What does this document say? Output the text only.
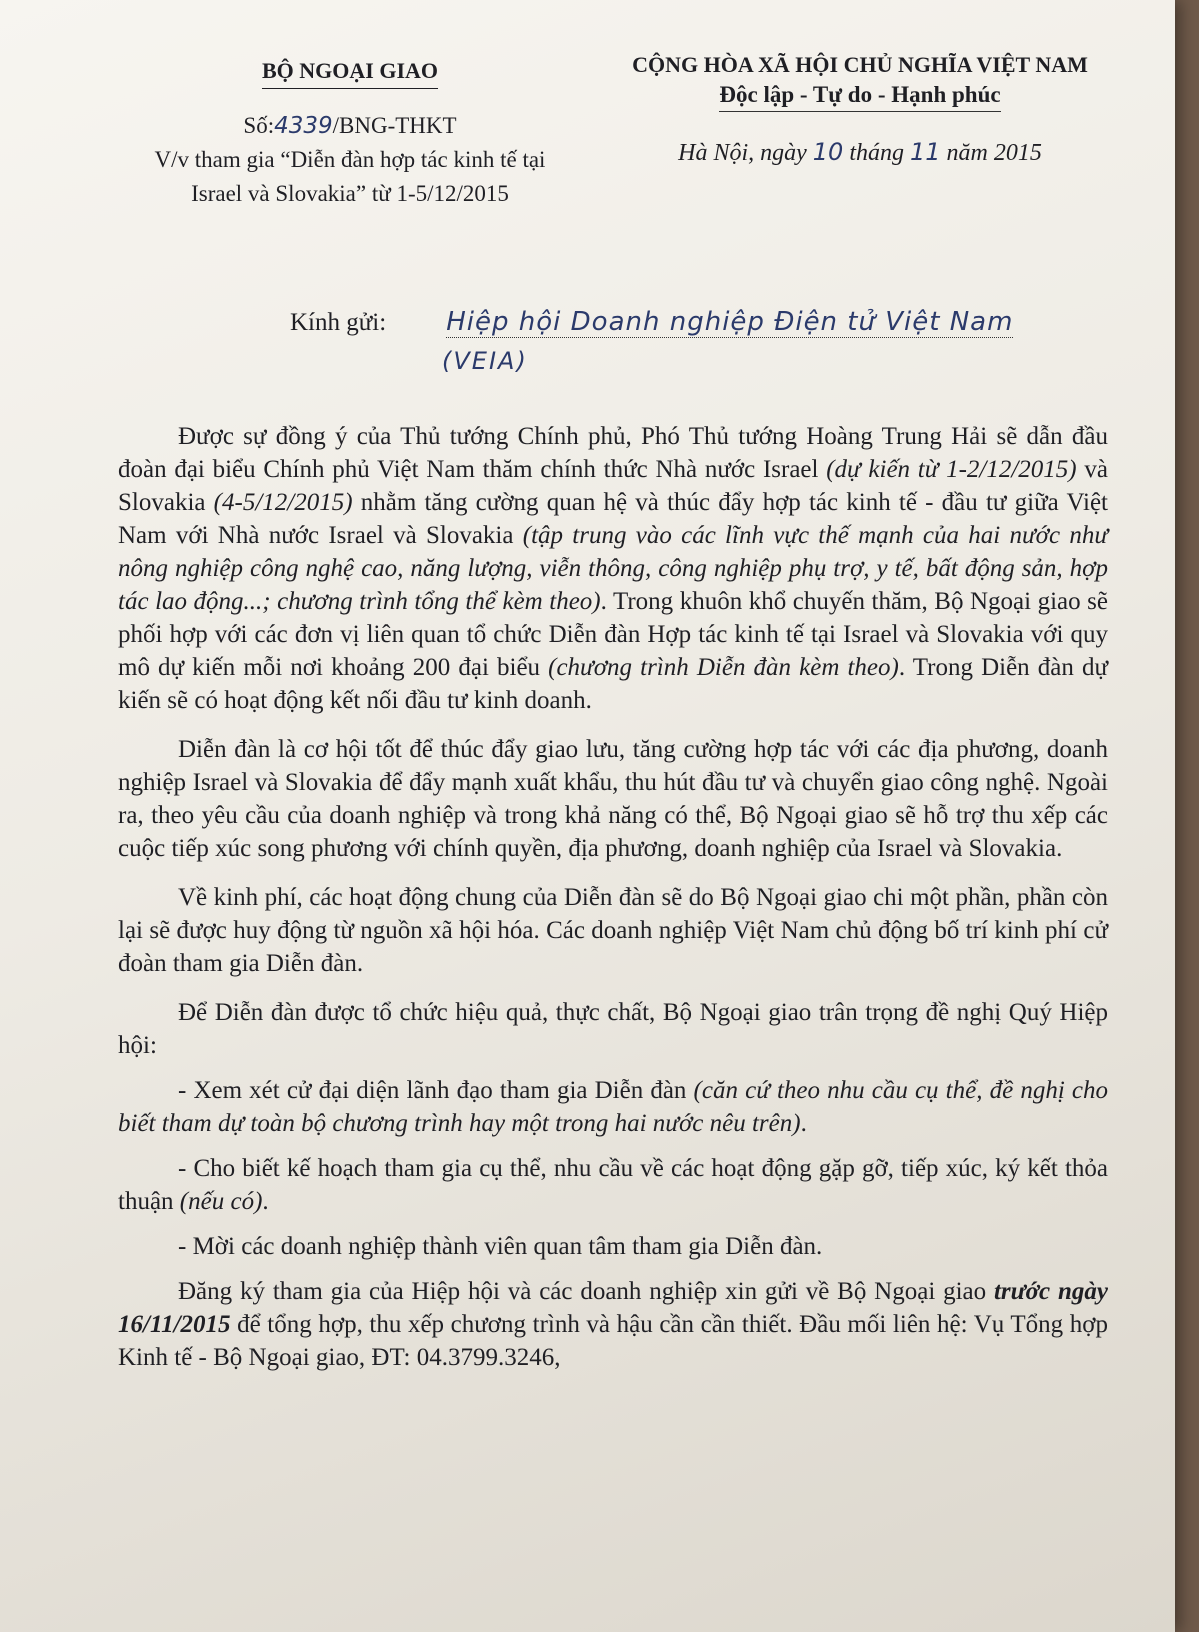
BỘ NGOẠI GIAO
Số:4339/BNG-THKT
V/v tham gia “Diễn đàn hợp tác kinh tế tại
Israel và Slovakia” từ 1-5/12/2015
CỘNG HÒA XÃ HỘI CHỦ NGHĨA VIỆT NAM
Độc lập - Tự do - Hạnh phúc
Hà Nội, ngày 10 tháng 11 năm 2015
Kính gửi: Hiệp hội Doanh nghiệp Điện tử Việt Nam
(VEIA)

Được sự đồng ý của Thủ tướng Chính phủ, Phó Thủ tướng Hoàng Trung Hải sẽ dẫn đầu đoàn đại biểu Chính phủ Việt Nam thăm chính thức Nhà nước Israel (dự kiến từ 1-2/12/2015) và Slovakia (4-5/12/2015) nhằm tăng cường quan hệ và thúc đẩy hợp tác kinh tế - đầu tư giữa Việt Nam với Nhà nước Israel và Slovakia (tập trung vào các lĩnh vực thế mạnh của hai nước như nông nghiệp công nghệ cao, năng lượng, viễn thông, công nghiệp phụ trợ, y tế, bất động sản, hợp tác lao động...; chương trình tổng thể kèm theo). Trong khuôn khổ chuyến thăm, Bộ Ngoại giao sẽ phối hợp với các đơn vị liên quan tổ chức Diễn đàn Hợp tác kinh tế tại Israel và Slovakia với quy mô dự kiến mỗi nơi khoảng 200 đại biểu (chương trình Diễn đàn kèm theo). Trong Diễn đàn dự kiến sẽ có hoạt động kết nối đầu tư kinh doanh.

Diễn đàn là cơ hội tốt để thúc đẩy giao lưu, tăng cường hợp tác với các địa phương, doanh nghiệp Israel và Slovakia để đẩy mạnh xuất khẩu, thu hút đầu tư và chuyển giao công nghệ. Ngoài ra, theo yêu cầu của doanh nghiệp và trong khả năng có thể, Bộ Ngoại giao sẽ hỗ trợ thu xếp các cuộc tiếp xúc song phương với chính quyền, địa phương, doanh nghiệp của Israel và Slovakia.

Về kinh phí, các hoạt động chung của Diễn đàn sẽ do Bộ Ngoại giao chi một phần, phần còn lại sẽ được huy động từ nguồn xã hội hóa. Các doanh nghiệp Việt Nam chủ động bố trí kinh phí cử đoàn tham gia Diễn đàn.

Để Diễn đàn được tổ chức hiệu quả, thực chất, Bộ Ngoại giao trân trọng đề nghị Quý Hiệp hội:

- Xem xét cử đại diện lãnh đạo tham gia Diễn đàn (căn cứ theo nhu cầu cụ thể, đề nghị cho biết tham dự toàn bộ chương trình hay một trong hai nước nêu trên).

- Cho biết kế hoạch tham gia cụ thể, nhu cầu về các hoạt động gặp gỡ, tiếp xúc, ký kết thỏa thuận (nếu có).

- Mời các doanh nghiệp thành viên quan tâm tham gia Diễn đàn.

Đăng ký tham gia của Hiệp hội và các doanh nghiệp xin gửi về Bộ Ngoại giao trước ngày 16/11/2015 để tổng hợp, thu xếp chương trình và hậu cần cần thiết. Đầu mối liên hệ: Vụ Tổng hợp Kinh tế - Bộ Ngoại giao, ĐT: 04.3799.3246,
